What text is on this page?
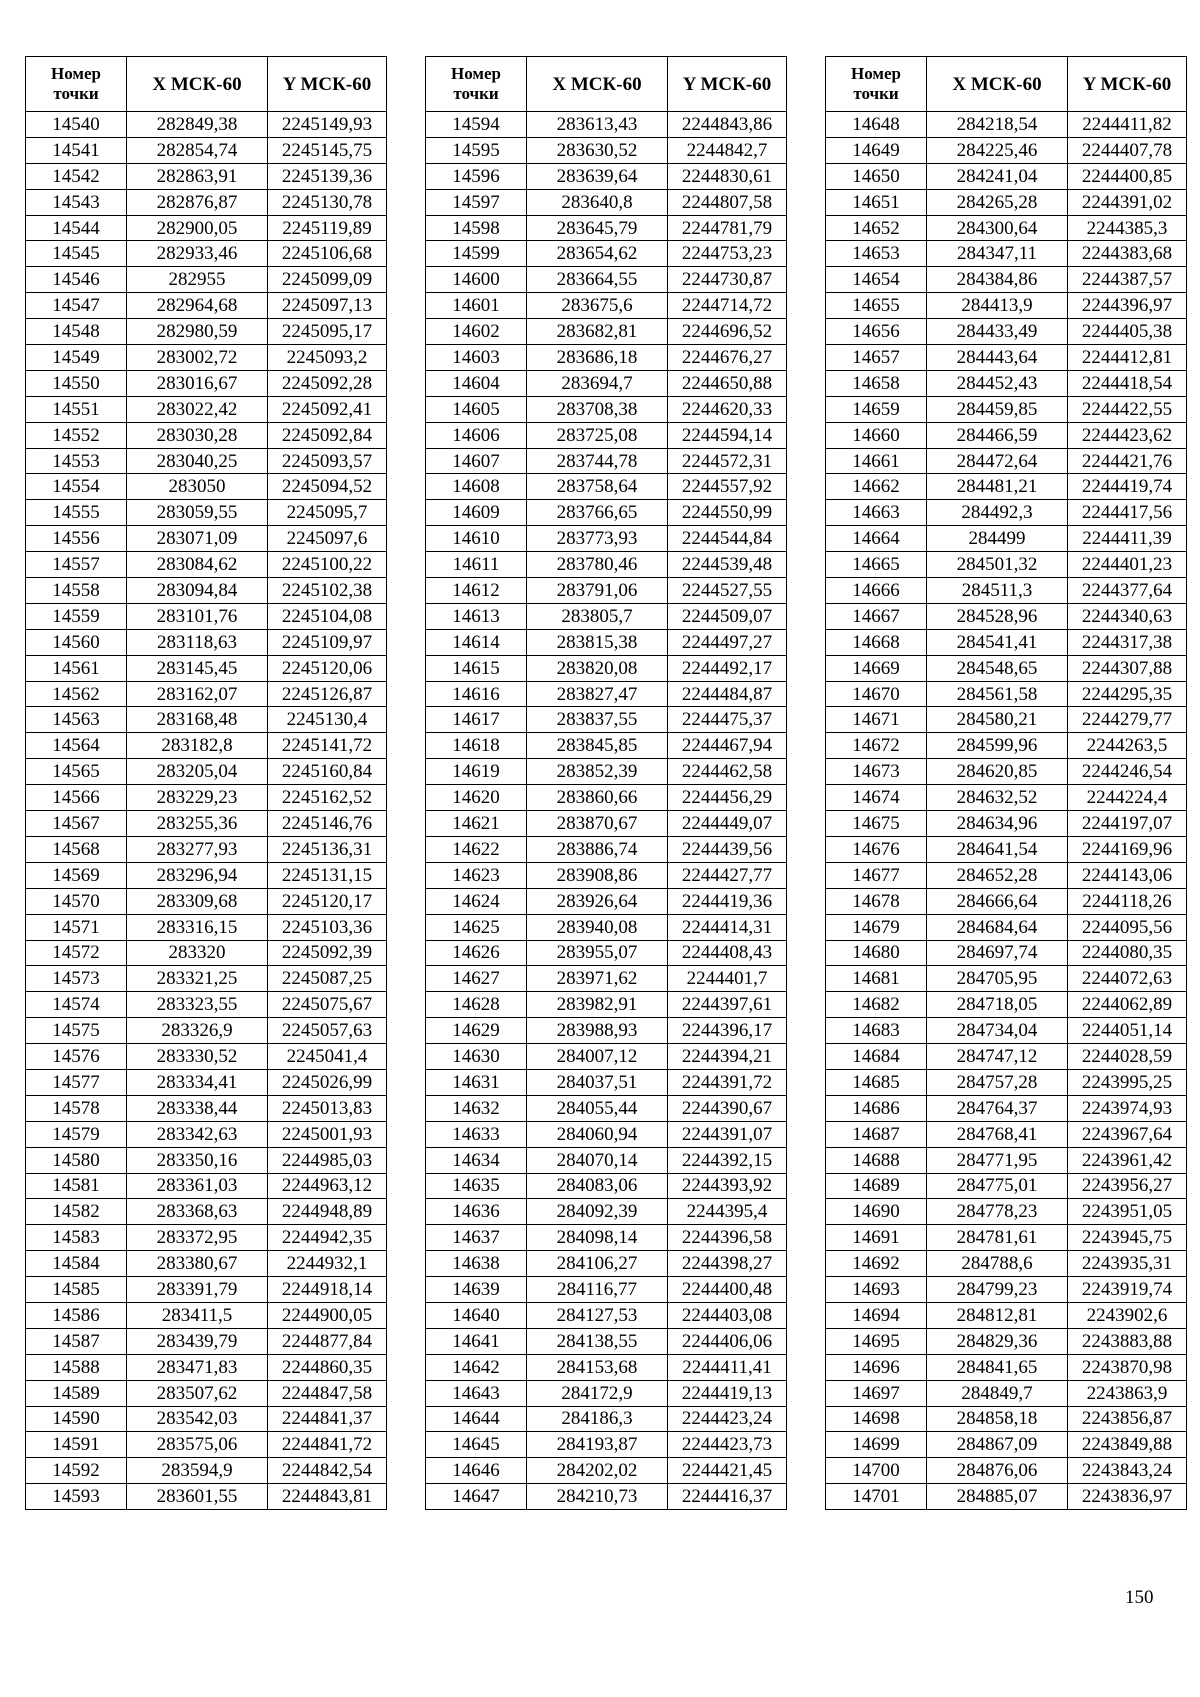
Номер
точки	X МСК-60	Y МСК-60
14540	282849,38	2245149,93
14541	282854,74	2245145,75
14542	282863,91	2245139,36
14543	282876,87	2245130,78
14544	282900,05	2245119,89
14545	282933,46	2245106,68
14546	282955	2245099,09
14547	282964,68	2245097,13
14548	282980,59	2245095,17
14549	283002,72	2245093,2
14550	283016,67	2245092,28
14551	283022,42	2245092,41
14552	283030,28	2245092,84
14553	283040,25	2245093,57
14554	283050	2245094,52
14555	283059,55	2245095,7
14556	283071,09	2245097,6
14557	283084,62	2245100,22
14558	283094,84	2245102,38
14559	283101,76	2245104,08
14560	283118,63	2245109,97
14561	283145,45	2245120,06
14562	283162,07	2245126,87
14563	283168,48	2245130,4
14564	283182,8	2245141,72
14565	283205,04	2245160,84
14566	283229,23	2245162,52
14567	283255,36	2245146,76
14568	283277,93	2245136,31
14569	283296,94	2245131,15
14570	283309,68	2245120,17
14571	283316,15	2245103,36
14572	283320	2245092,39
14573	283321,25	2245087,25
14574	283323,55	2245075,67
14575	283326,9	2245057,63
14576	283330,52	2245041,4
14577	283334,41	2245026,99
14578	283338,44	2245013,83
14579	283342,63	2245001,93
14580	283350,16	2244985,03
14581	283361,03	2244963,12
14582	283368,63	2244948,89
14583	283372,95	2244942,35
14584	283380,67	2244932,1
14585	283391,79	2244918,14
14586	283411,5	2244900,05
14587	283439,79	2244877,84
14588	283471,83	2244860,35
14589	283507,62	2244847,58
14590	283542,03	2244841,37
14591	283575,06	2244841,72
14592	283594,9	2244842,54
14593	283601,55	2244843,81
Номер
точки	X МСК-60	Y МСК-60
14594	283613,43	2244843,86
14595	283630,52	2244842,7
14596	283639,64	2244830,61
14597	283640,8	2244807,58
14598	283645,79	2244781,79
14599	283654,62	2244753,23
14600	283664,55	2244730,87
14601	283675,6	2244714,72
14602	283682,81	2244696,52
14603	283686,18	2244676,27
14604	283694,7	2244650,88
14605	283708,38	2244620,33
14606	283725,08	2244594,14
14607	283744,78	2244572,31
14608	283758,64	2244557,92
14609	283766,65	2244550,99
14610	283773,93	2244544,84
14611	283780,46	2244539,48
14612	283791,06	2244527,55
14613	283805,7	2244509,07
14614	283815,38	2244497,27
14615	283820,08	2244492,17
14616	283827,47	2244484,87
14617	283837,55	2244475,37
14618	283845,85	2244467,94
14619	283852,39	2244462,58
14620	283860,66	2244456,29
14621	283870,67	2244449,07
14622	283886,74	2244439,56
14623	283908,86	2244427,77
14624	283926,64	2244419,36
14625	283940,08	2244414,31
14626	283955,07	2244408,43
14627	283971,62	2244401,7
14628	283982,91	2244397,61
14629	283988,93	2244396,17
14630	284007,12	2244394,21
14631	284037,51	2244391,72
14632	284055,44	2244390,67
14633	284060,94	2244391,07
14634	284070,14	2244392,15
14635	284083,06	2244393,92
14636	284092,39	2244395,4
14637	284098,14	2244396,58
14638	284106,27	2244398,27
14639	284116,77	2244400,48
14640	284127,53	2244403,08
14641	284138,55	2244406,06
14642	284153,68	2244411,41
14643	284172,9	2244419,13
14644	284186,3	2244423,24
14645	284193,87	2244423,73
14646	284202,02	2244421,45
14647	284210,73	2244416,37
Номер
точки	X МСК-60	Y МСК-60
14648	284218,54	2244411,82
14649	284225,46	2244407,78
14650	284241,04	2244400,85
14651	284265,28	2244391,02
14652	284300,64	2244385,3
14653	284347,11	2244383,68
14654	284384,86	2244387,57
14655	284413,9	2244396,97
14656	284433,49	2244405,38
14657	284443,64	2244412,81
14658	284452,43	2244418,54
14659	284459,85	2244422,55
14660	284466,59	2244423,62
14661	284472,64	2244421,76
14662	284481,21	2244419,74
14663	284492,3	2244417,56
14664	284499	2244411,39
14665	284501,32	2244401,23
14666	284511,3	2244377,64
14667	284528,96	2244340,63
14668	284541,41	2244317,38
14669	284548,65	2244307,88
14670	284561,58	2244295,35
14671	284580,21	2244279,77
14672	284599,96	2244263,5
14673	284620,85	2244246,54
14674	284632,52	2244224,4
14675	284634,96	2244197,07
14676	284641,54	2244169,96
14677	284652,28	2244143,06
14678	284666,64	2244118,26
14679	284684,64	2244095,56
14680	284697,74	2244080,35
14681	284705,95	2244072,63
14682	284718,05	2244062,89
14683	284734,04	2244051,14
14684	284747,12	2244028,59
14685	284757,28	2243995,25
14686	284764,37	2243974,93
14687	284768,41	2243967,64
14688	284771,95	2243961,42
14689	284775,01	2243956,27
14690	284778,23	2243951,05
14691	284781,61	2243945,75
14692	284788,6	2243935,31
14693	284799,23	2243919,74
14694	284812,81	2243902,6
14695	284829,36	2243883,88
14696	284841,65	2243870,98
14697	284849,7	2243863,9
14698	284858,18	2243856,87
14699	284867,09	2243849,88
14700	284876,06	2243843,24
14701	284885,07	2243836,97
150
